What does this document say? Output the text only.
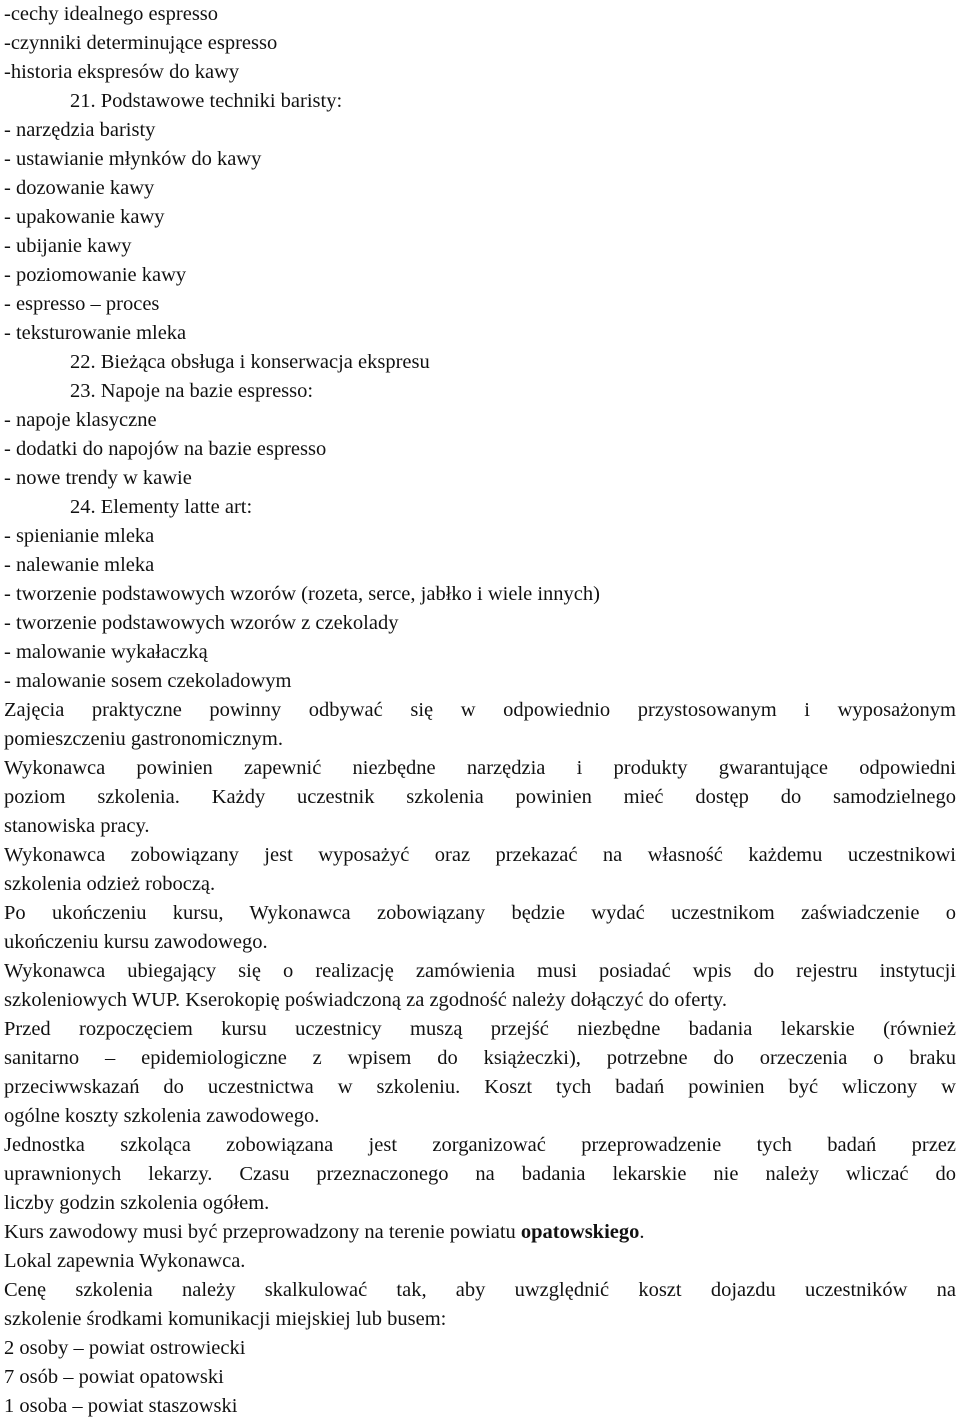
-cechy idealnego espresso
-czynniki determinujące espresso
-historia ekspresów do kawy
21. Podstawowe techniki baristy:
- narzędzia baristy
- ustawianie młynków do kawy
- dozowanie kawy
- upakowanie kawy
- ubijanie kawy
- poziomowanie kawy
- espresso – proces
- teksturowanie mleka
22. Bieżąca obsługa i konserwacja ekspresu
23. Napoje na bazie espresso:
- napoje klasyczne
- dodatki do napojów na bazie espresso
- nowe trendy w kawie
24. Elementy latte art:
- spienianie mleka
- nalewanie mleka
- tworzenie podstawowych wzorów (rozeta, serce, jabłko i wiele innych)
- tworzenie podstawowych wzorów z czekolady
- malowanie wykałaczką
- malowanie sosem czekoladowym
Zajęcia praktyczne powinny odbywać się w odpowiednio przystosowanym i wyposażonym
pomieszczeniu gastronomicznym.
Wykonawca powinien zapewnić niezbędne narzędzia i produkty gwarantujące odpowiedni
poziom szkolenia. Każdy uczestnik szkolenia powinien mieć dostęp do samodzielnego
stanowiska pracy.
Wykonawca zobowiązany jest wyposażyć oraz przekazać na własność każdemu uczestnikowi
szkolenia odzież roboczą.
Po ukończeniu kursu, Wykonawca zobowiązany będzie wydać uczestnikom zaświadczenie o
ukończeniu kursu zawodowego.
Wykonawca ubiegający się o realizację zamówienia musi posiadać wpis do rejestru instytucji
szkoleniowych WUP. Kserokopię poświadczoną za zgodność należy dołączyć do oferty.
Przed rozpoczęciem kursu uczestnicy muszą przejść niezbędne badania lekarskie (również
sanitarno – epidemiologiczne z wpisem do książeczki), potrzebne do orzeczenia o braku
przeciwwskazań do uczestnictwa w szkoleniu. Koszt tych badań powinien być wliczony w
ogólne koszty szkolenia zawodowego.
Jednostka szkoląca zobowiązana jest zorganizować przeprowadzenie tych badań przez
uprawnionych lekarzy. Czasu przeznaczonego na badania lekarskie nie należy wliczać do
liczby godzin szkolenia ogółem.
Kurs zawodowy musi być przeprowadzony na terenie powiatu opatowskiego.
Lokal zapewnia Wykonawca.
Cenę szkolenia należy skalkulować tak, aby uwzględnić koszt dojazdu uczestników na
szkolenie środkami komunikacji miejskiej lub busem:
2 osoby – powiat ostrowiecki
7 osób – powiat opatowski
1 osoba – powiat staszowski
